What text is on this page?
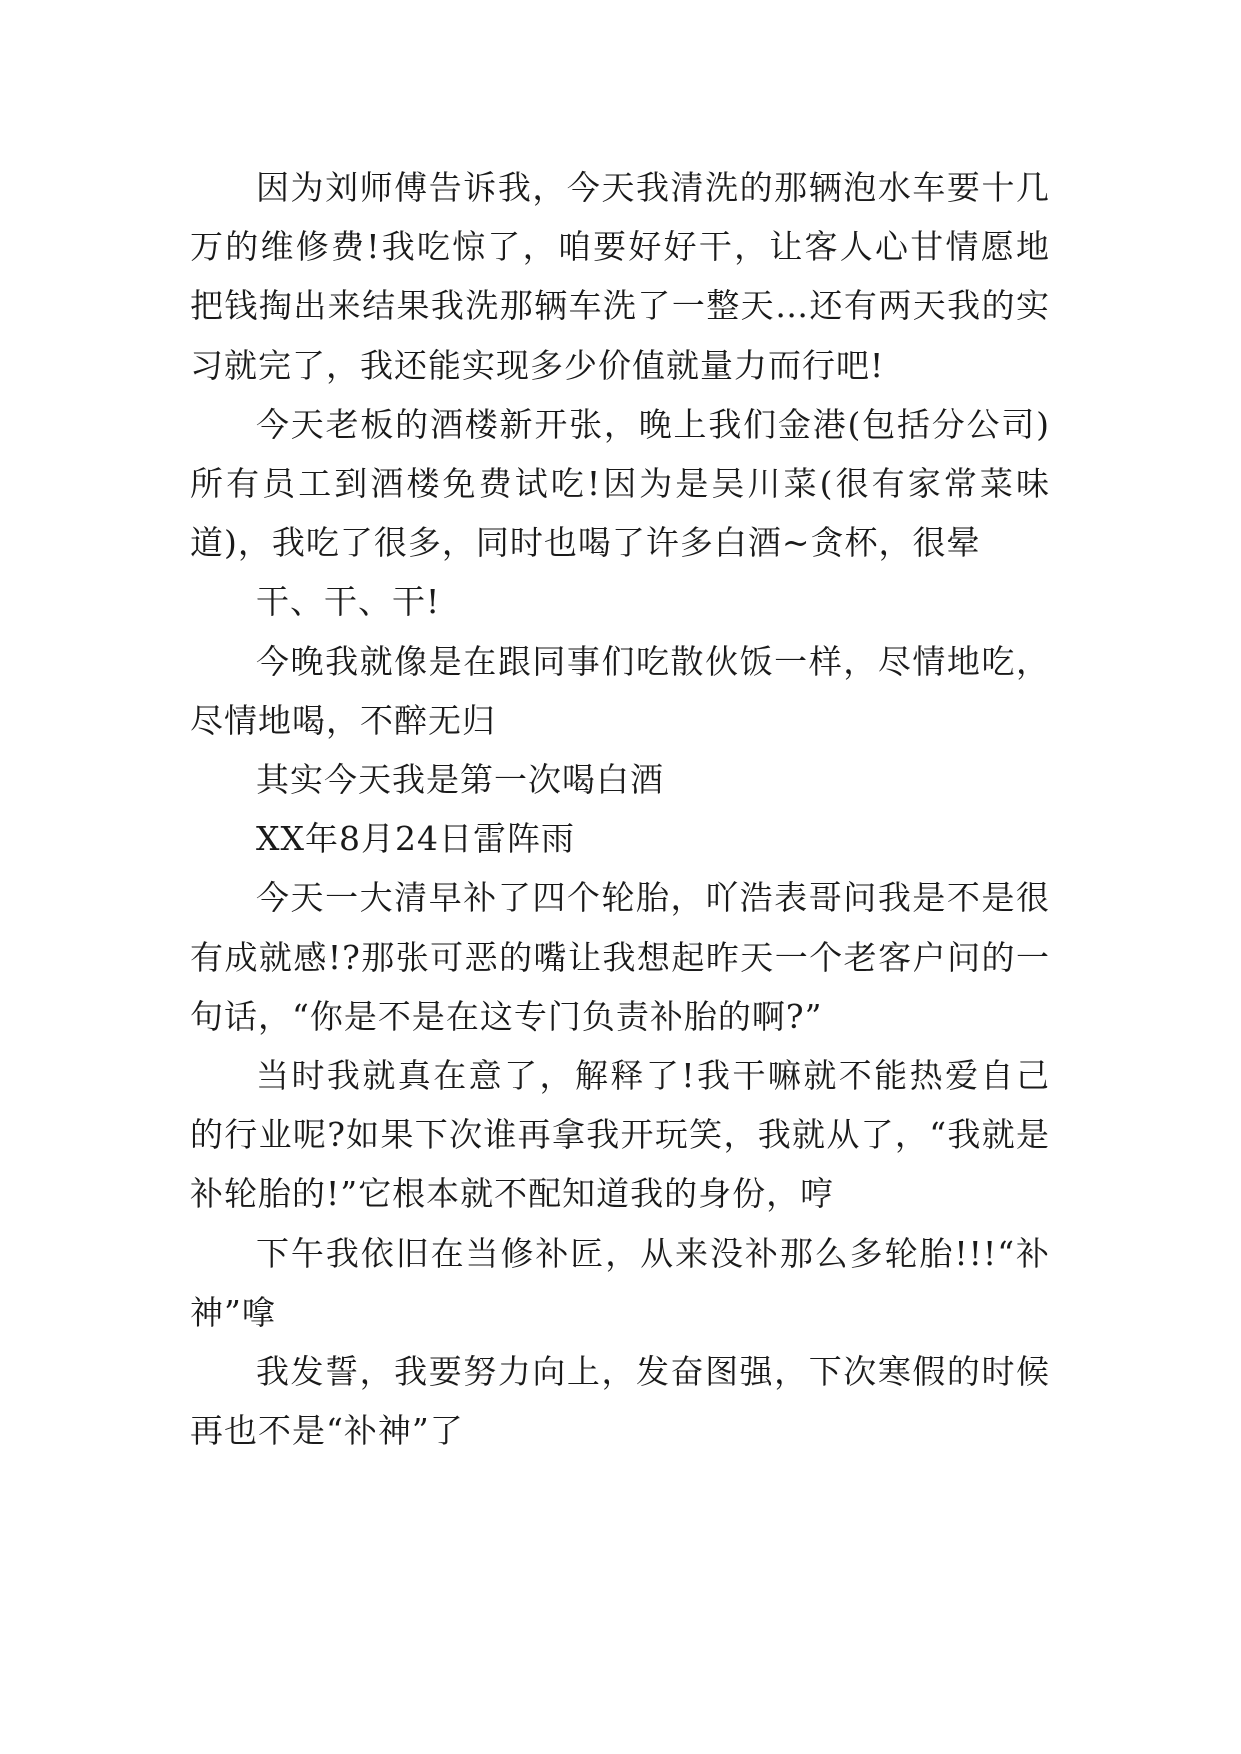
因为刘师傅告诉我，今天我清洗的那辆泡水车要十几万的维修费!我吃惊了，咱要好好干，让客人心甘情愿地把钱掏出来结果我洗那辆车洗了一整天…还有两天我的实习就完了，我还能实现多少价值就量力而行吧!

今天老板的酒楼新开张，晚上我们金港(包括分公司)所有员工到酒楼免费试吃!因为是吴川菜(很有家常菜味道)，我吃了很多，同时也喝了许多白酒~贪杯，很晕

干、干、干!

今晚我就像是在跟同事们吃散伙饭一样，尽情地吃，尽情地喝，不醉无归

其实今天我是第一次喝白酒

XX年8月24日雷阵雨

今天一大清早补了四个轮胎，吖浩表哥问我是不是很有成就感!?那张可恶的嘴让我想起昨天一个老客户问的一句话，“你是不是在这专门负责补胎的啊?”

当时我就真在意了，解释了!我干嘛就不能热爱自己的行业呢?如果下次谁再拿我开玩笑，我就从了，“我就是补轮胎的!”它根本就不配知道我的身份，哼

下午我依旧在当修补匠，从来没补那么多轮胎!!!“补神”嗱

我发誓，我要努力向上，发奋图强，下次寒假的时候再也不是“补神”了
